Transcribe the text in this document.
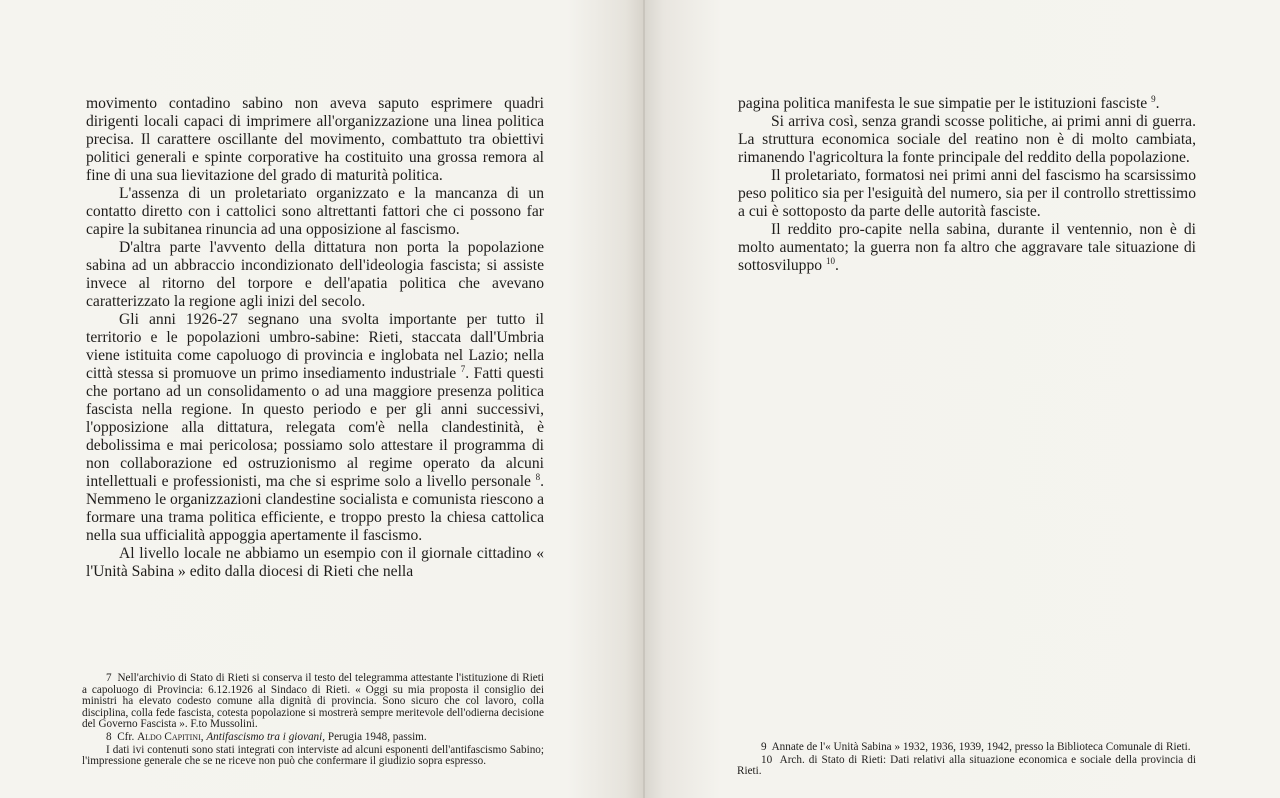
movimento contadino sabino non aveva saputo esprimere quadri dirigenti locali capaci di imprimere all'organizzazione una linea politica precisa. Il carattere oscillante del movimento, combattuto tra obiettivi politici generali e spinte corporative ha costituito una grossa remora al fine di una sua lievitazione del grado di maturità politica.

L'assenza di un proletariato organizzato e la mancanza di un contatto diretto con i cattolici sono altrettanti fattori che ci possono far capire la subitanea rinuncia ad una opposizione al fascismo.

D'altra parte l'avvento della dittatura non porta la popolazione sabina ad un abbraccio incondizionato dell'ideologia fascista; si assiste invece al ritorno del torpore e dell'apatia politica che avevano caratterizzato la regione agli inizi del secolo.

Gli anni 1926-27 segnano una svolta importante per tutto il territorio e le popolazioni umbro-sabine: Rieti, staccata dall'Umbria viene istituita come capoluogo di provincia e inglobata nel Lazio; nella città stessa si promuove un primo insediamento industriale $^7$. Fatti questi che portano ad un consolidamento o ad una maggiore presenza politica fascista nella regione. In questo periodo e per gli anni successivi, l'opposizione alla dittatura, relegata com'è nella clandestinità, è debolissima e mai pericolosa; possiamo solo attestare il programma di non collaborazione ed ostruzionismo al regime operato da alcuni intellettuali e professionisti, ma che si esprime solo a livello personale $^8$. Nemmeno le organizzazioni clandestine socialista e comunista riescono a formare una trama politica efficiente, e troppo presto la chiesa cattolica nella sua ufficialità appoggia apertamente il fascismo.

Al livello locale ne abbiamo un esempio con il giornale cittadino « l'Unità Sabina » edito dalla diocesi di Rieti che nella

7 Nell'archivio di Stato di Rieti si conserva il testo del telegramma attestante l'istituzione di Rieti a capoluogo di Provincia: 6.12.1926 al Sindaco di Rieti. « Oggi su mia proposta il consiglio dei ministri ha elevato codesto comune alla dignità di provincia. Sono sicuro che col lavoro, colla disciplina, colla fede fascista, cotesta popolazione si mostrerà sempre meritevole dell'odierna decisione del Governo Fascista ». F.to Mussolini.

8 Cfr. Aldo Capitini, Antifascismo tra i giovani, Perugia 1948, passim.

I dati ivi contenuti sono stati integrati con interviste ad alcuni esponenti dell'antifascismo Sabino; l'impressione generale che se ne riceve non può che confermare il giudizio sopra espresso.

pagina politica manifesta le sue simpatie per le istituzioni fasciste $^9$.

Si arriva così, senza grandi scosse politiche, ai primi anni di guerra. La struttura economica sociale del reatino non è di molto cambiata, rimanendo l'agricoltura la fonte principale del reddito della popolazione.

Il proletariato, formatosi nei primi anni del fascismo ha scarsissimo peso politico sia per l'esiguità del numero, sia per il controllo strettissimo a cui è sottoposto da parte delle autorità fasciste.

Il reddito pro-capite nella sabina, durante il ventennio, non è di molto aumentato; la guerra non fa altro che aggravare tale situazione di sottosviluppo $^{10}$.

9 Annate de l'« Unità Sabina » 1932, 1936, 1939, 1942, presso la Biblioteca Comunale di Rieti.

10 Arch. di Stato di Rieti: Dati relativi alla situazione economica e sociale della provincia di Rieti.
